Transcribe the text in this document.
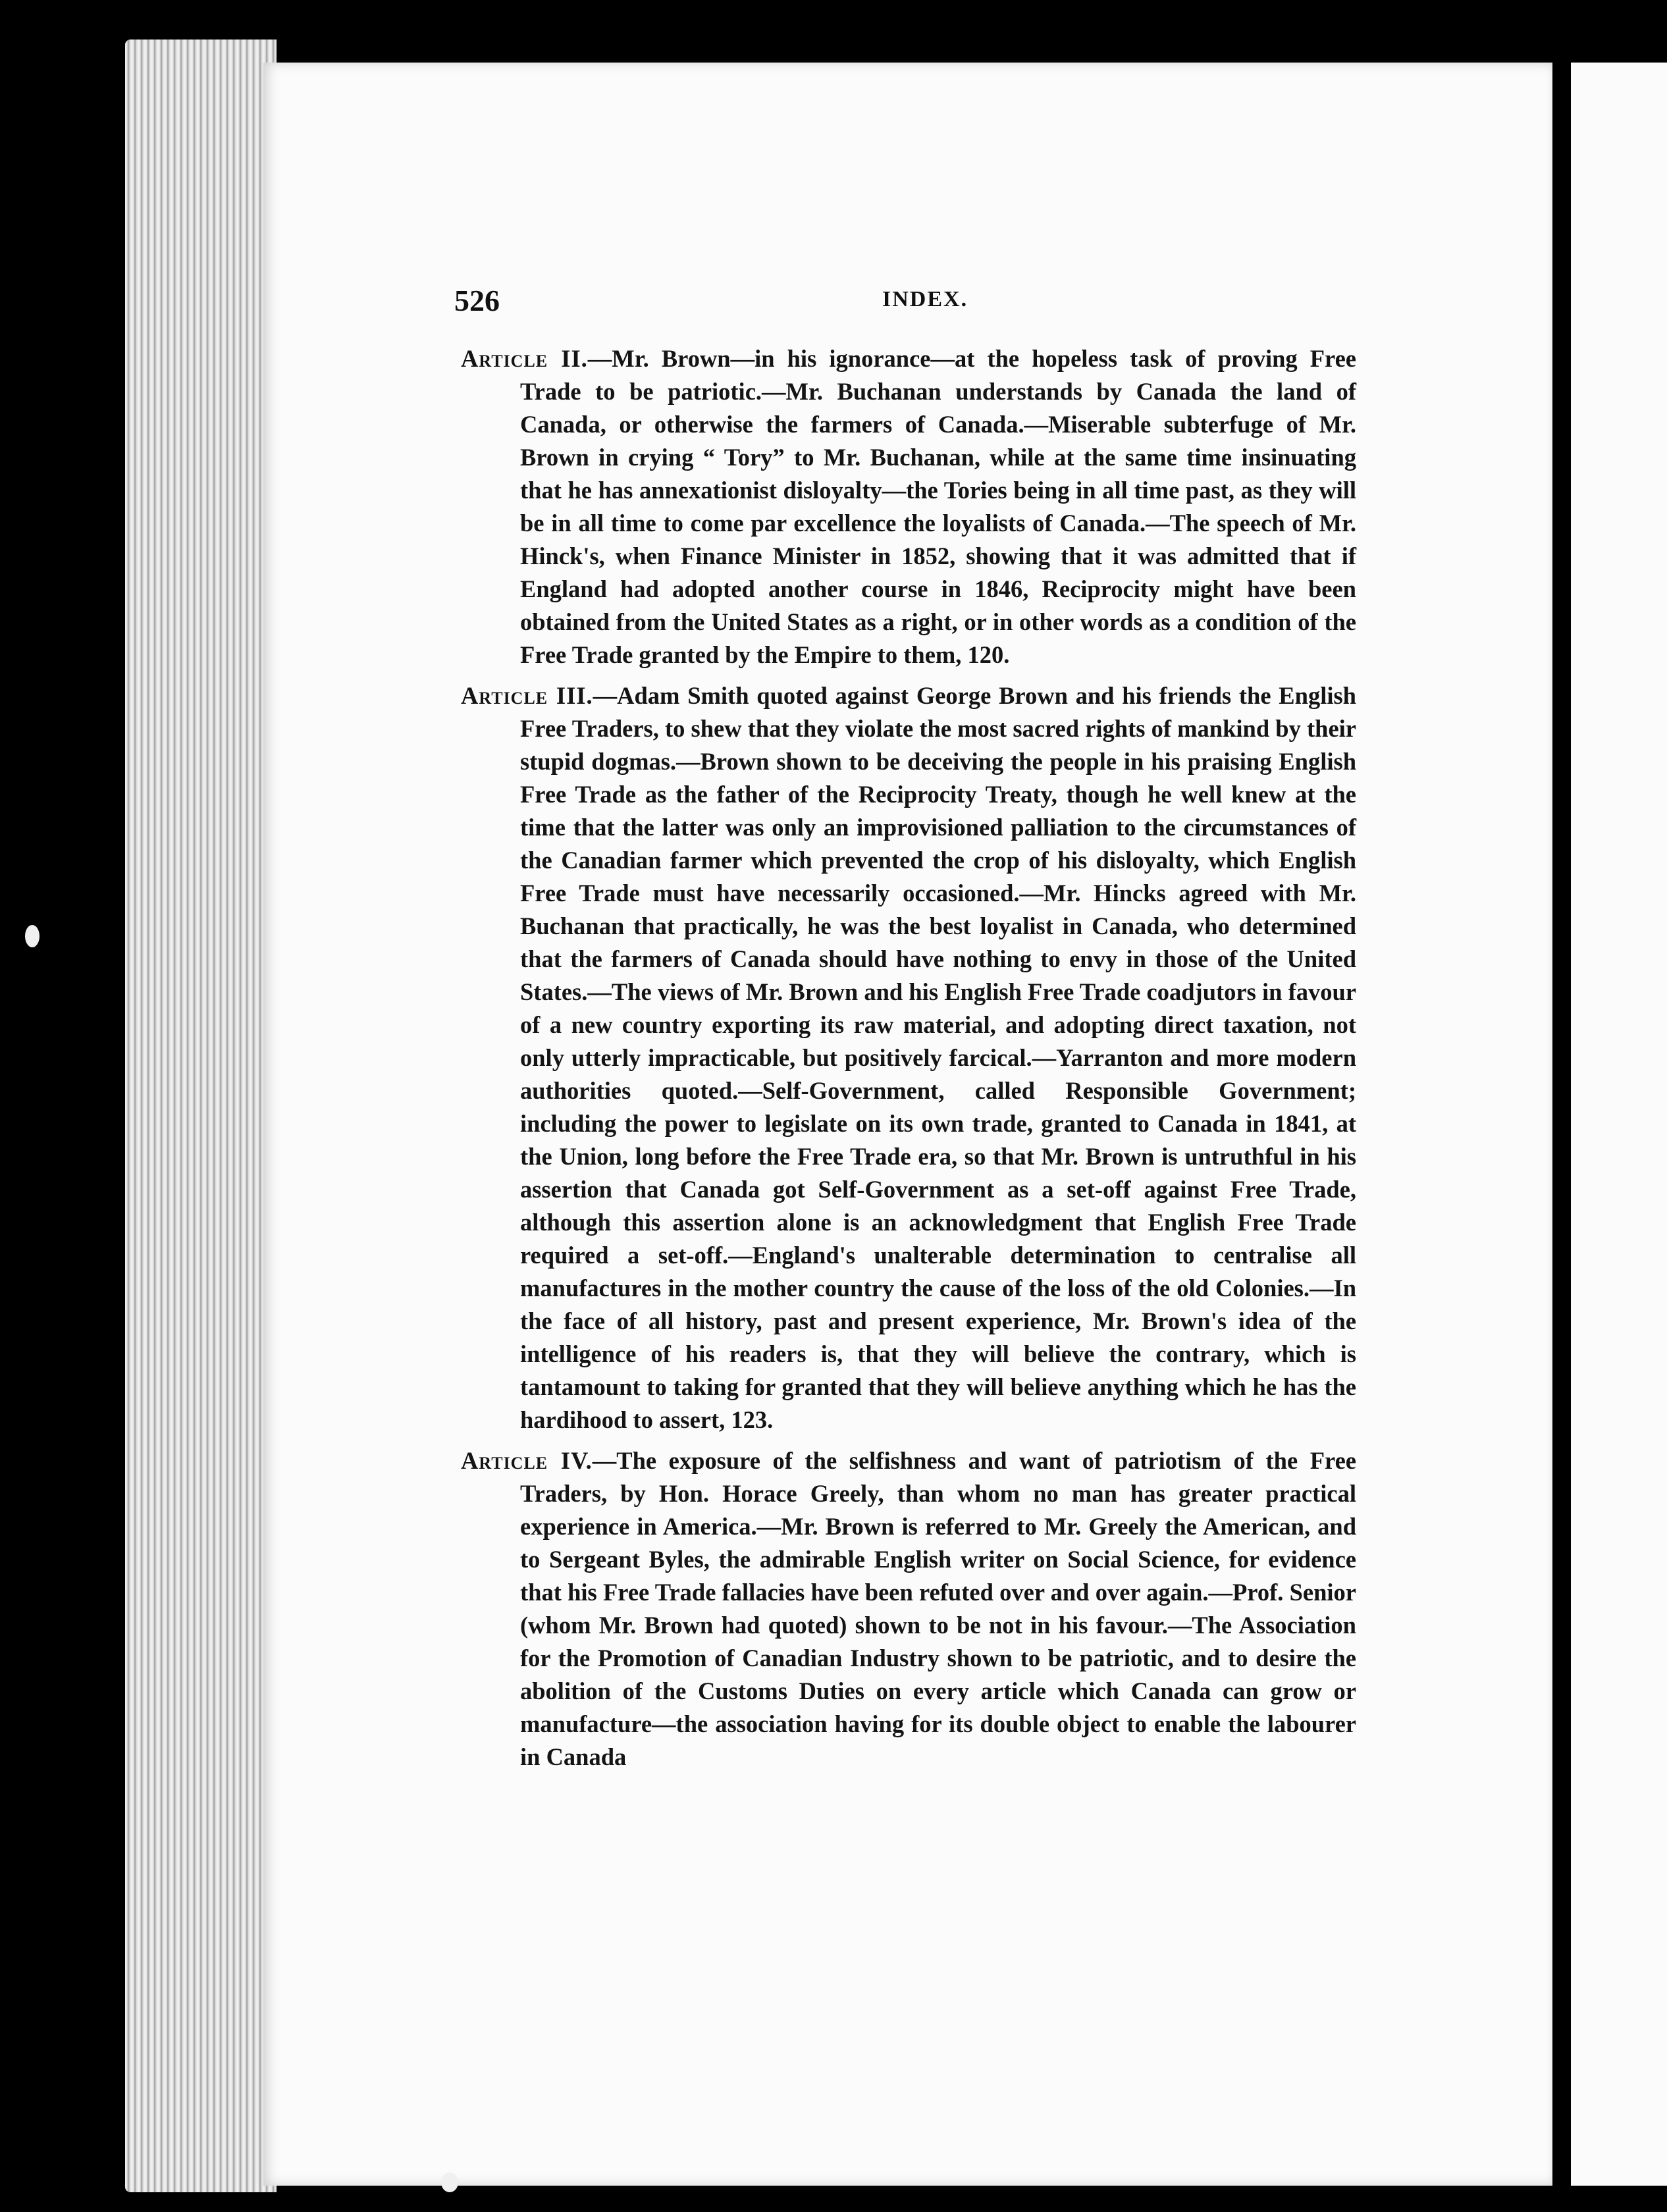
526	INDEX.

Article II.—Mr. Brown—in his ignorance—at the hopeless task of proving Free Trade to be patriotic.—Mr. Buchanan understands by Canada the land of Canada, or otherwise the farmers of Canada.—Miserable subterfuge of Mr. Brown in crying “ Tory” to Mr. Buchanan, while at the same time insinuating that he has annexationist disloyalty—the Tories being in all time past, as they will be in all time to come par excellence the loyalists of Canada.—The speech of Mr. Hinck's, when Finance Minister in 1852, showing that it was admitted that if England had adopted another course in 1846, Reciprocity might have been obtained from the United States as a right, or in other words as a condition of the Free Trade granted by the Empire to them, 120.

Article III.—Adam Smith quoted against George Brown and his friends the English Free Traders, to shew that they violate the most sacred rights of mankind by their stupid dogmas.—Brown shown to be deceiving the people in his praising English Free Trade as the father of the Reciprocity Treaty, though he well knew at the time that the latter was only an improvisioned palliation to the circumstances of the Canadian farmer which prevented the crop of his disloyalty, which English Free Trade must have necessarily occasioned.—Mr. Hincks agreed with Mr. Buchanan that practically, he was the best loyalist in Canada, who determined that the farmers of Canada should have nothing to envy in those of the United States.—The views of Mr. Brown and his English Free Trade coadjutors in favour of a new country exporting its raw material, and adopting direct taxation, not only utterly impracticable, but positively farcical.—Yarranton and more modern authorities quoted.—Self-Government, called Responsible Government; including the power to legislate on its own trade, granted to Canada in 1841, at the Union, long before the Free Trade era, so that Mr. Brown is untruthful in his assertion that Canada got Self-Government as a set-off against Free Trade, although this assertion alone is an acknowledgment that English Free Trade required a set-off.—England's unalterable determination to centralise all manufactures in the mother country the cause of the loss of the old Colonies.—In the face of all history, past and present experience, Mr. Brown's idea of the intelligence of his readers is, that they will believe the contrary, which is tantamount to taking for granted that they will believe anything which he has the hardihood to assert, 123.

Article IV.—The exposure of the selfishness and want of patriotism of the Free Traders, by Hon. Horace Greely, than whom no man has greater practical experience in America.—Mr. Brown is referred to Mr. Greely the American, and to Sergeant Byles, the admirable English writer on Social Science, for evidence that his Free Trade fallacies have been refuted over and over again.—Prof. Senior (whom Mr. Brown had quoted) shown to be not in his favour.—The Association for the Promotion of Canadian Industry shown to be patriotic, and to desire the abolition of the Customs Duties on every article which Canada can grow or manufacture—the association having for its double object to enable the labourer in Canada
